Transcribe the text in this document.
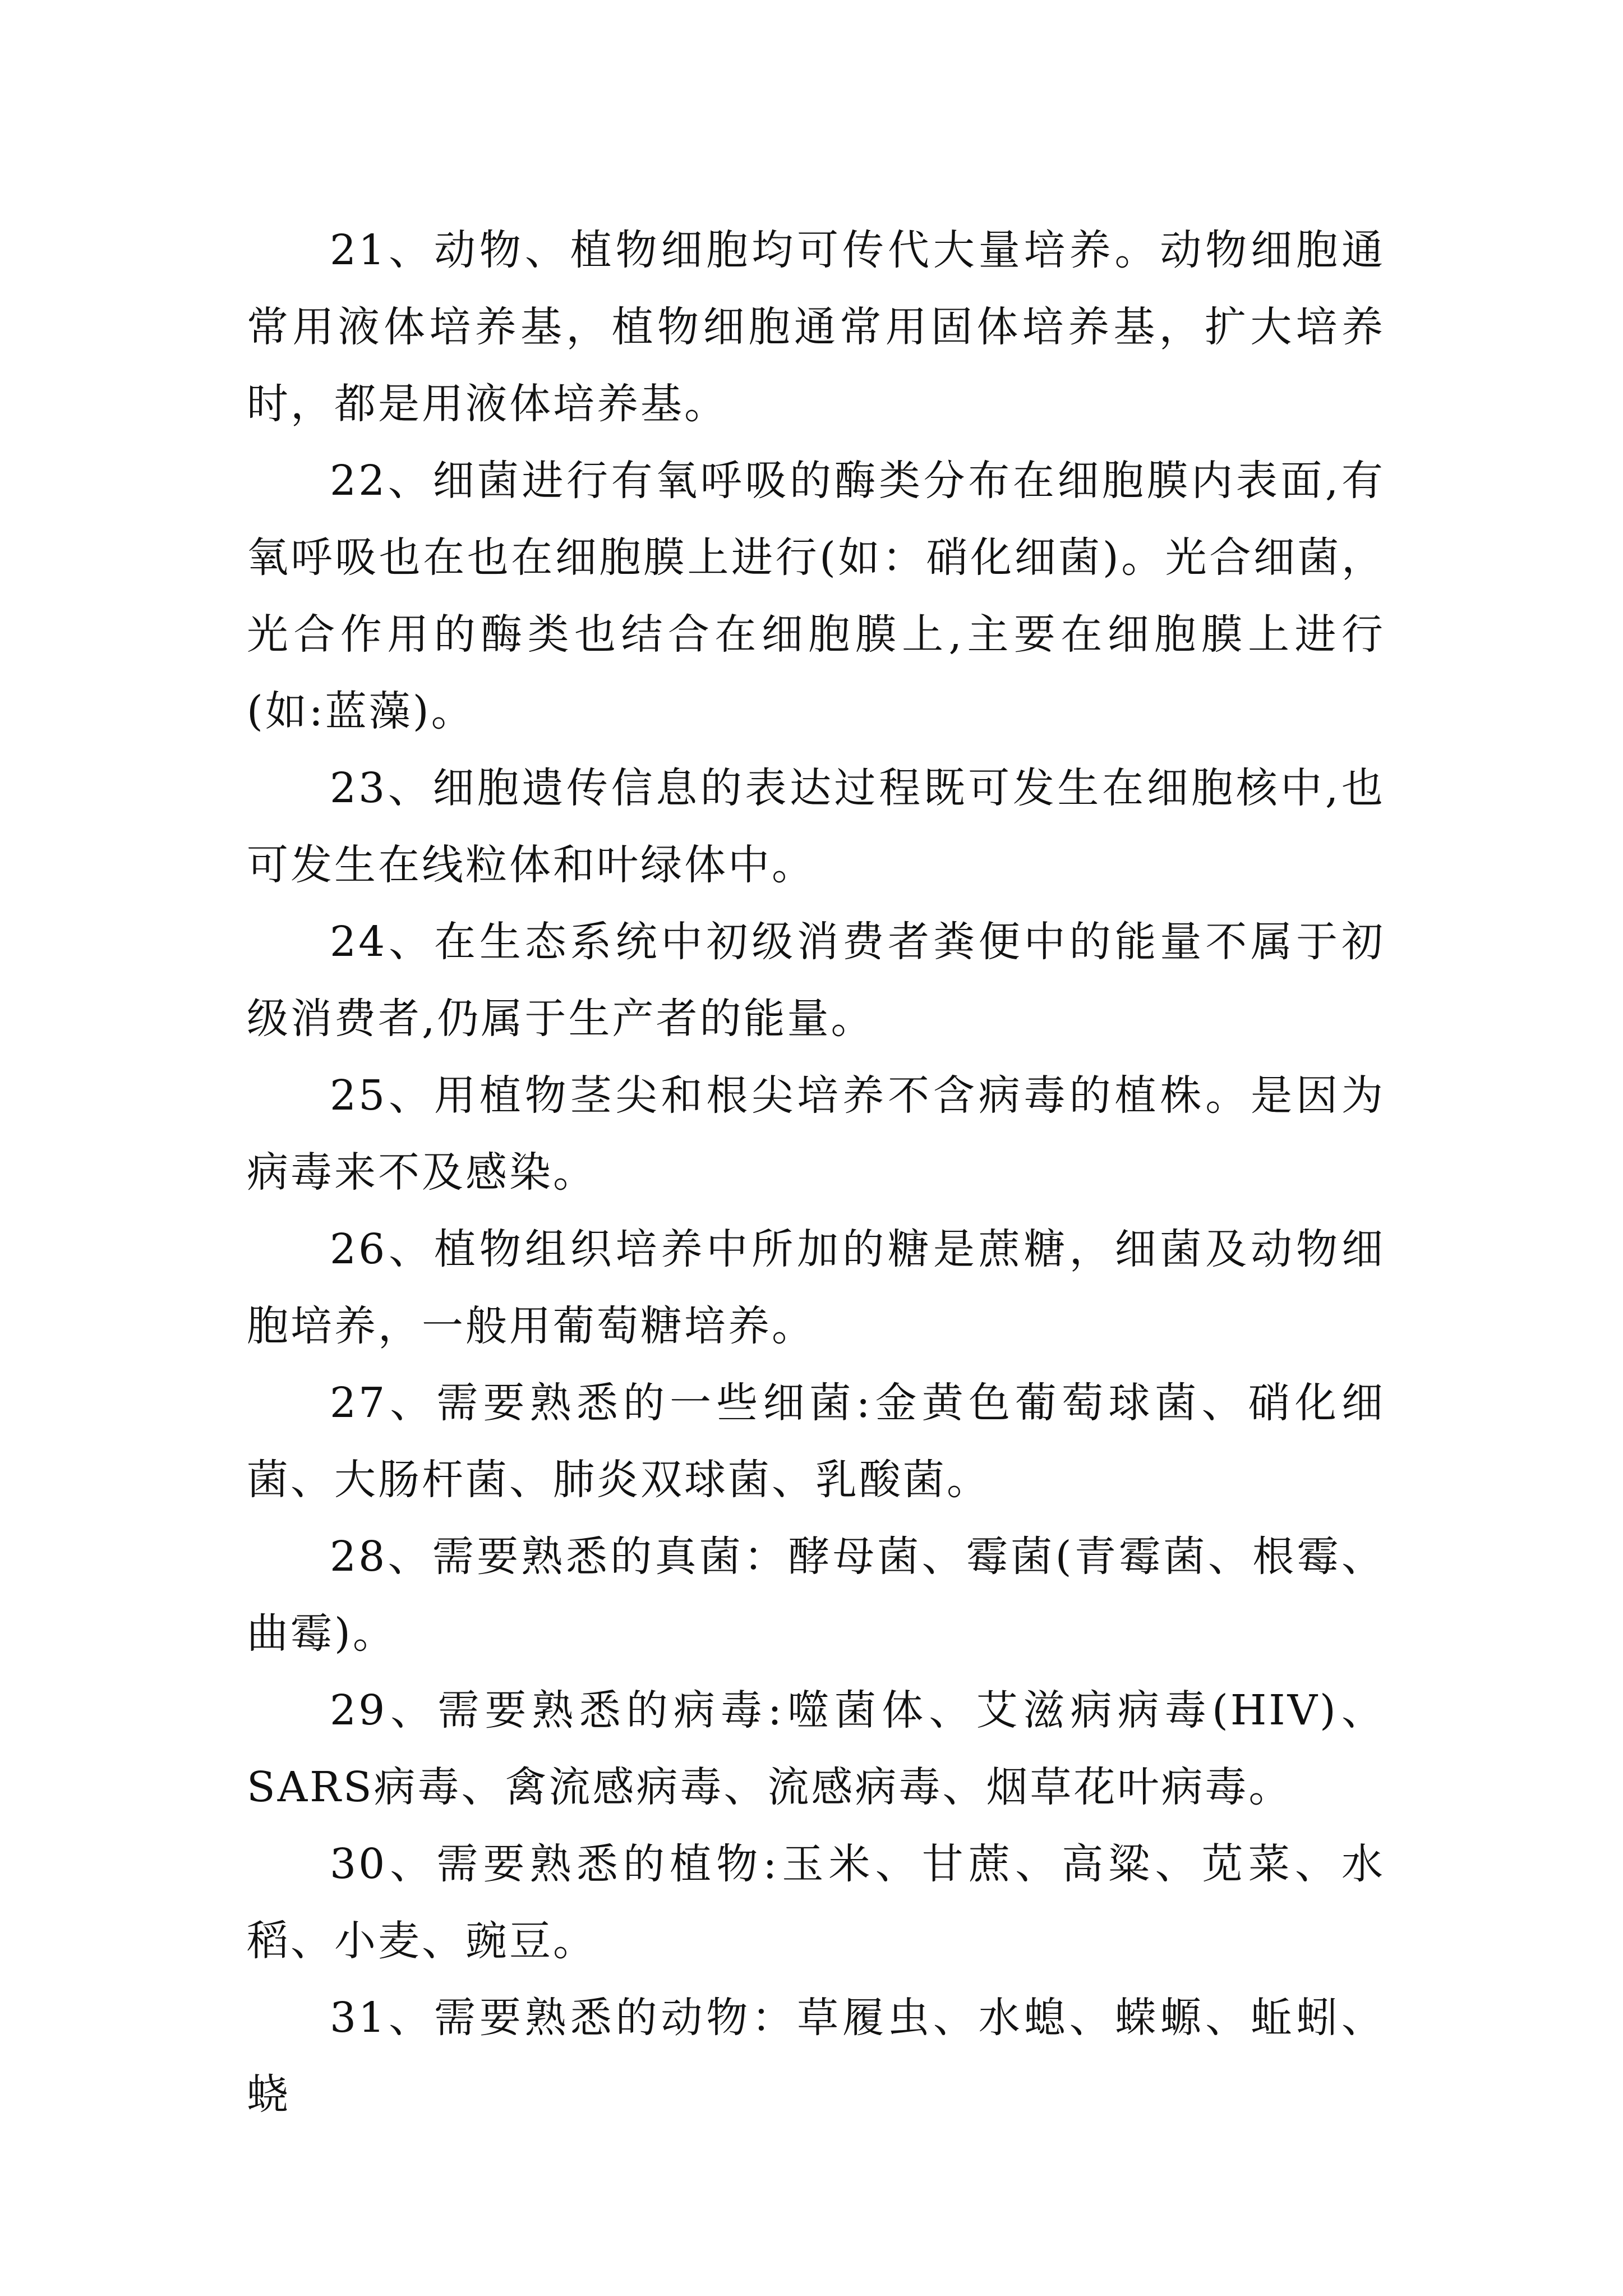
21、动物、植物细胞均可传代大量培养。动物细胞通常用液体培养基，植物细胞通常用固体培养基，扩大培养时，都是用液体培养基。

22、细菌进行有氧呼吸的酶类分布在细胞膜内表面,有氧呼吸也在也在细胞膜上进行(如：硝化细菌)。光合细菌，光合作用的酶类也结合在细胞膜上,主要在细胞膜上进行(如:蓝藻)。

23、细胞遗传信息的表达过程既可发生在细胞核中,也可发生在线粒体和叶绿体中。

24、在生态系统中初级消费者粪便中的能量不属于初级消费者,仍属于生产者的能量。

25、用植物茎尖和根尖培养不含病毒的植株。是因为病毒来不及感染。

26、植物组织培养中所加的糖是蔗糖，细菌及动物细胞培养，一般用葡萄糖培养。

27、需要熟悉的一些细菌:金黄色葡萄球菌、硝化细菌、大肠杆菌、肺炎双球菌、乳酸菌。

28、需要熟悉的真菌：酵母菌、霉菌(青霉菌、根霉、曲霉)。

29、需要熟悉的病毒:噬菌体、艾滋病病毒(HIV)、SARS病毒、禽流感病毒、流感病毒、烟草花叶病毒。

30、需要熟悉的植物:玉米、甘蔗、高粱、苋菜、水稻、小麦、豌豆。

31、需要熟悉的动物：草履虫、水螅、蝾螈、蚯蚓、蛲
